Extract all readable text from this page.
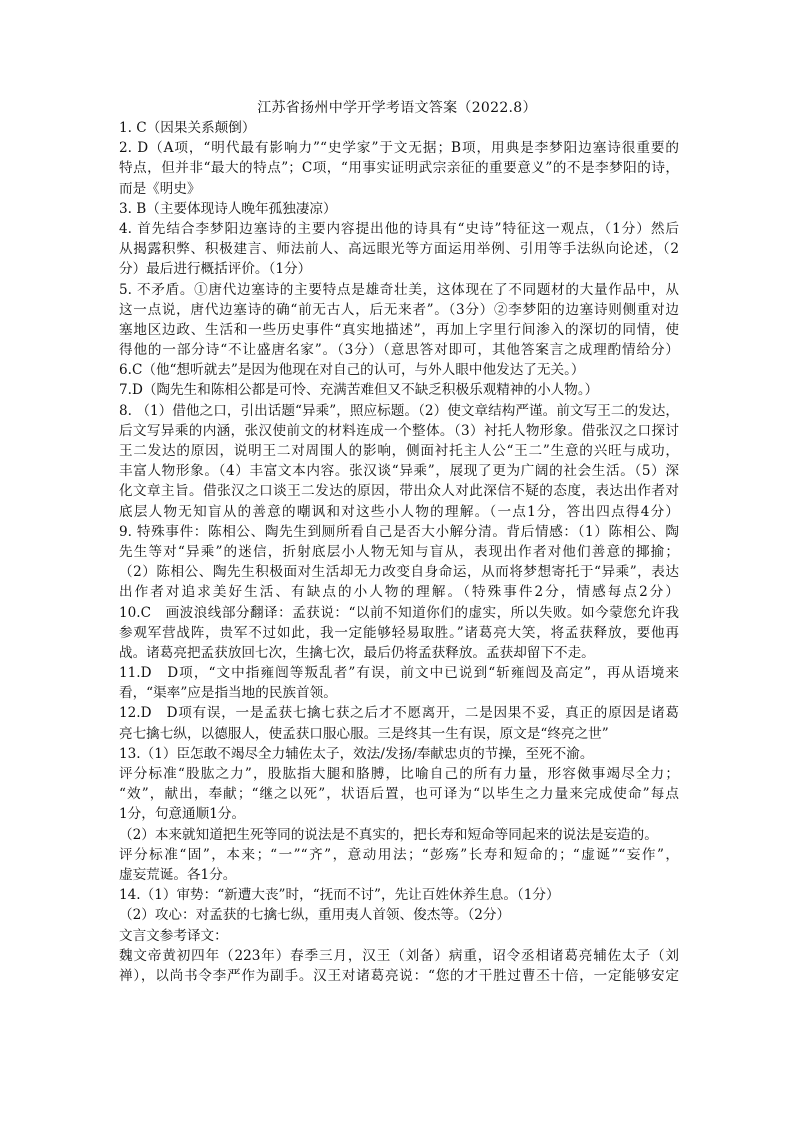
江苏省扬州中学开学考语文答案（2022.8）
1. C（因果关系颠倒）
2. D（A项，“明代最有影响力”“史学家”于文无据；B项，用典是李梦阳边塞诗很重要的
特点，但并非“最大的特点”；C项，“用事实证明武宗亲征的重要意义”的不是李梦阳的诗，
而是《明史》
3. B（主要体现诗人晚年孤独凄凉）
4. 首先结合李梦阳边塞诗的主要内容提出他的诗具有“史诗”特征这一观点，（1分）然后
从揭露积弊、积极建言、师法前人、高远眼光等方面运用举例、引用等手法纵向论述，（2
分）最后进行概括评价。（1分）
5. 不矛盾。①唐代边塞诗的主要特点是雄奇壮美，这体现在了不同题材的大量作品中，从
这一点说，唐代边塞诗的确“前无古人，后无来者”。（3分）②李梦阳的边塞诗则侧重对边
塞地区边政、生活和一些历史事件“真实地描述”，再加上字里行间渗入的深切的同情，使
得他的一部分诗“不让盛唐名家”。（3分）（意思答对即可，其他答案言之成理酌情给分）
6.C（他“想听就去”是因为他现在对自己的认可，与外人眼中他发达了无关。）
7.D（陶先生和陈相公都是可怜、充满苦难但又不缺乏积极乐观精神的小人物。）
8. （1）借他之口，引出话题“异乘”，照应标题。（2）使文章结构严谨。前文写王二的发达，
后文写异乘的内涵，张汉使前文的材料连成一个整体。（3）衬托人物形象。借张汉之口探讨
王二发达的原因，说明王二对周围人的影响，侧面衬托主人公“王二”生意的兴旺与成功，
丰富人物形象。（4）丰富文本内容。张汉谈“异乘”，展现了更为广阔的社会生活。（5）深
化文章主旨。借张汉之口谈王二发达的原因，带出众人对此深信不疑的态度，表达出作者对
底层人物无知盲从的善意的嘲讽和对这些小人物的理解。（一点1分，答出四点得4分）
9. 特殊事件：陈相公、陶先生到厕所看自己是否大小解分清。背后情感：（1）陈相公、陶
先生等对“异乘”的迷信，折射底层小人物无知与盲从，表现出作者对他们善意的揶揄；
（2）陈相公、陶先生积极面对生活却无力改变自身命运，从而将梦想寄托于“异乘”，表达
出作者对追求美好生活、有缺点的小人物的理解。（特殊事件2分，情感每点2分）
10.C　画波浪线部分翻译：孟获说：“以前不知道你们的虚实，所以失败。如今蒙您允许我
参观军营战阵，贵军不过如此，我一定能够轻易取胜。”诸葛亮大笑，将孟获释放，要他再
战。诸葛亮把孟获放回七次，生擒七次，最后仍将孟获释放。孟获却留下不走。
11.D　D项，“文中指雍闿等叛乱者”有误，前文中已说到“斩雍闿及高定”，再从语境来
看，“渠率”应是指当地的民族首领。
12.D　D项有误，一是孟获七擒七获之后才不愿离开，二是因果不妥，真正的原因是诸葛
亮七擒七纵，以德服人，使孟获口服心服。三是终其一生有误，原文是“终亮之世”
13.（1）臣怎敢不竭尽全力辅佐太子，效法/发扬/奉献忠贞的节操，至死不渝。
评分标准“股肱之力”，股肱指大腿和胳膊，比喻自己的所有力量，形容傚事竭尽全力；
“效”，献出，奉献；“继之以死”，状语后置，也可译为“以毕生之力量来完成使命”每点
1分，句意通顺1分。
（2）本来就知道把生死等同的说法是不真实的，把长寿和短命等同起来的说法是妄造的。
评分标准“固”，本来；“一”“齐”，意动用法；“彭殇”长寿和短命的；“虚诞”“妄作”，
虚妄荒诞。各1分。
14.（1）审势：“新遭大丧”时，“抚而不讨”，先让百姓休养生息。（1分）
（2）攻心：对孟获的七擒七纵，重用夷人首领、俊杰等。（2分）
文言文参考译文：
魏文帝黄初四年（223年）春季三月，汉王（刘备）病重，诏令丞相诸葛亮辅佐太子（刘
禅），以尚书令李严作为副手。汉王对诸葛亮说：“您的才干胜过曹丕十倍，一定能够安定
